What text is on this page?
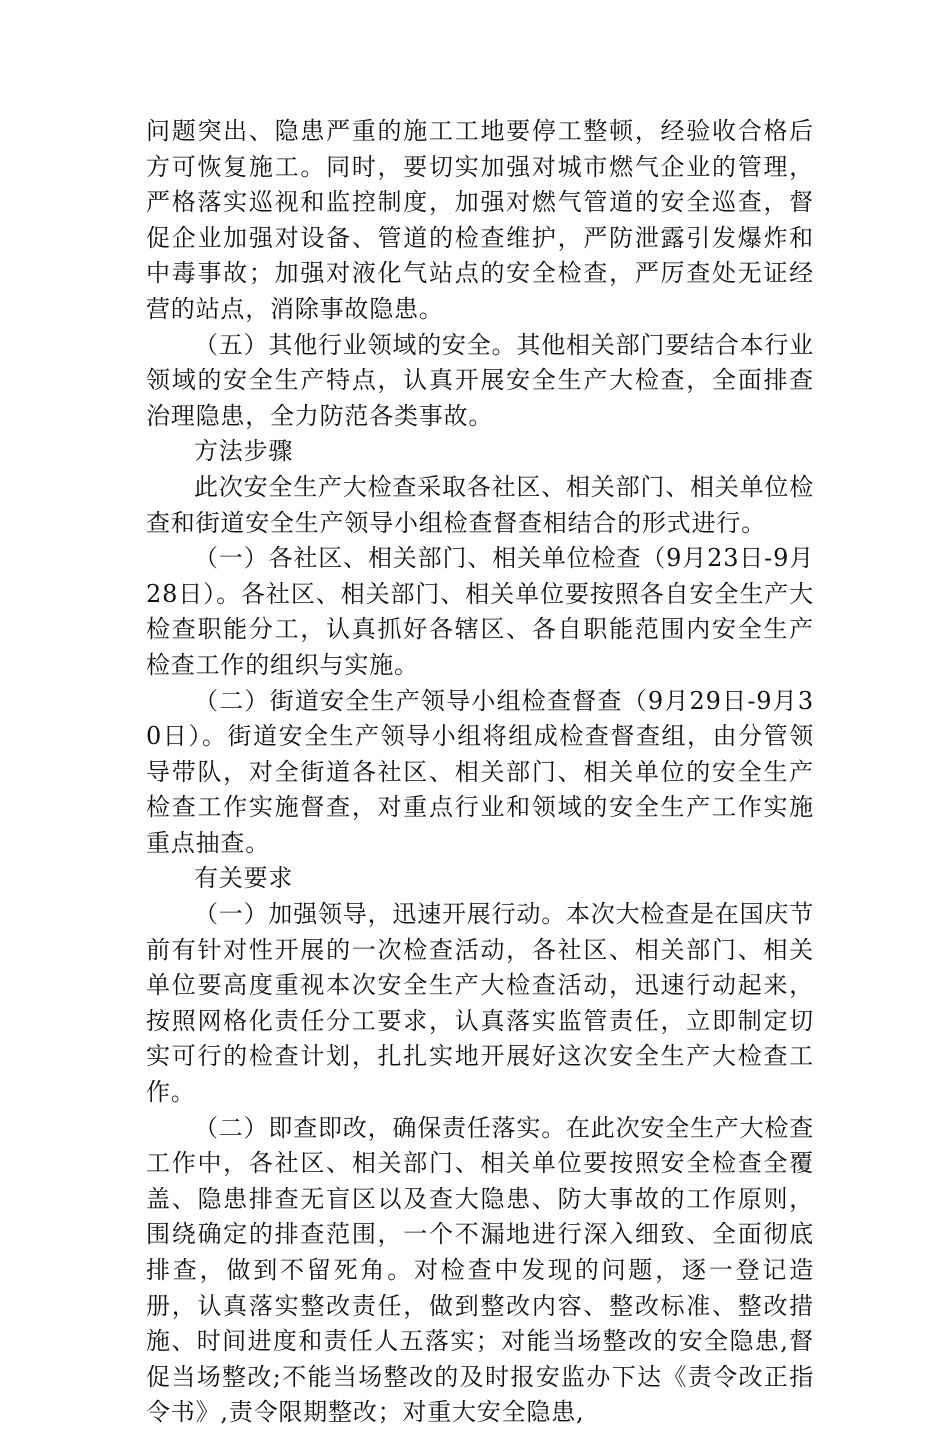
问题突出、隐患严重的施工工地要停工整顿，经验收合格后方可恢复施工。同时，要切实加强对城市燃气企业的管理，严格落实巡视和监控制度，加强对燃气管道的安全巡查，督促企业加强对设备、管道的检查维护，严防泄露引发爆炸和中毒事故；加强对液化气站点的安全检查，严厉查处无证经营的站点，消除事故隐患。

（五）其他行业领域的安全。其他相关部门要结合本行业领域的安全生产特点，认真开展安全生产大检查，全面排查治理隐患，全力防范各类事故。

方法步骤

此次安全生产大检查采取各社区、相关部门、相关单位检查和街道安全生产领导小组检查督查相结合的形式进行。

（一）各社区、相关部门、相关单位检查（9月23日-9月28日）。各社区、相关部门、相关单位要按照各自安全生产大检查职能分工，认真抓好各辖区、各自职能范围内安全生产检查工作的组织与实施。

（二）街道安全生产领导小组检查督查（9月29日-9月30日）。街道安全生产领导小组将组成检查督查组，由分管领导带队，对全街道各社区、相关部门、相关单位的安全生产检查工作实施督查，对重点行业和领域的安全生产工作实施重点抽查。

有关要求

（一）加强领导，迅速开展行动。本次大检查是在国庆节前有针对性开展的一次检查活动，各社区、相关部门、相关单位要高度重视本次安全生产大检查活动，迅速行动起来，按照网格化责任分工要求，认真落实监管责任，立即制定切实可行的检查计划，扎扎实地开展好这次安全生产大检查工作。

（二）即查即改，确保责任落实。在此次安全生产大检查工作中，各社区、相关部门、相关单位要按照安全检查全覆盖、隐患排查无盲区以及查大隐患、防大事故的工作原则，围绕确定的排查范围，一个不漏地进行深入细致、全面彻底排查，做到不留死角。对检查中发现的问题，逐一登记造册，认真落实整改责任，做到整改内容、整改标准、整改措施、时间进度和责任人五落实；对能当场整改的安全隐患,督促当场整改;不能当场整改的及时报安监办下达《责令改正指令书》,责令限期整改；对重大安全隐患,
